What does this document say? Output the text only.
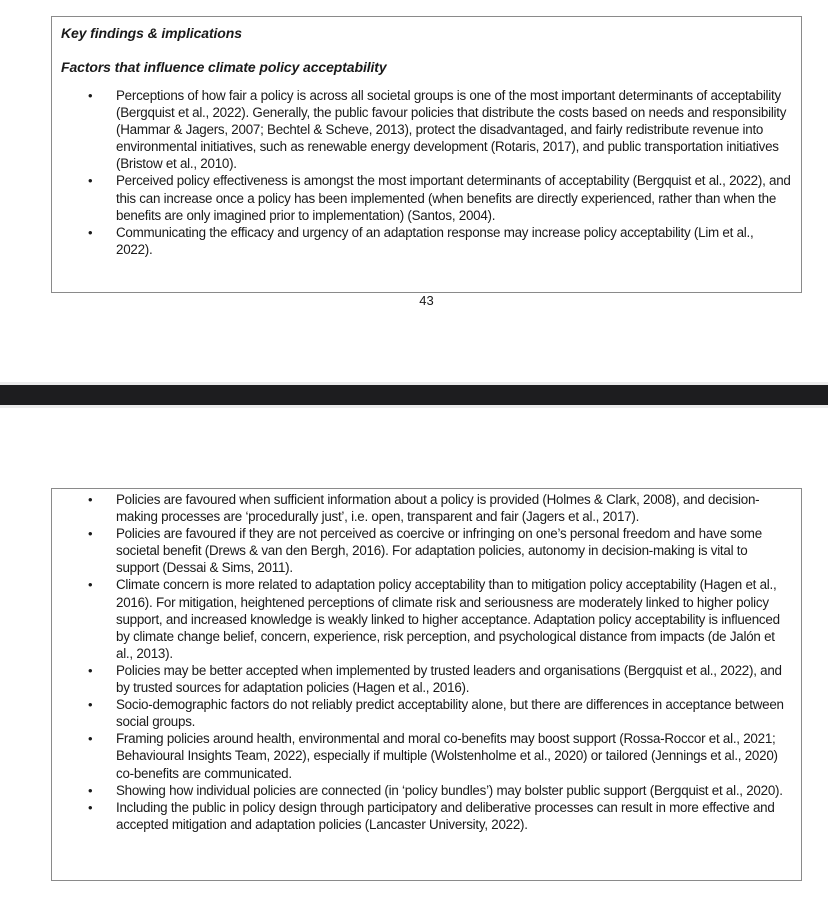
Key findings & implications
Factors that influence climate policy acceptability
• Perceptions of how fair a policy is across all societal groups is one of the most important determinants of acceptability (Bergquist et al., 2022). Generally, the public favour policies that distribute the costs based on needs and responsibility (Hammar & Jagers, 2007; Bechtel & Scheve, 2013), protect the disadvantaged, and fairly redistribute revenue into environmental initiatives, such as renewable energy development (Rotaris, 2017), and public transportation initiatives (Bristow et al., 2010).
• Perceived policy effectiveness is amongst the most important determinants of acceptability (Bergquist et al., 2022), and this can increase once a policy has been implemented (when benefits are directly experienced, rather than when the benefits are only imagined prior to implementation) (Santos, 2004).
• Communicating the efficacy and urgency of an adaptation response may increase policy acceptability (Lim et al., 2022).
43
• Policies are favoured when sufficient information about a policy is provided (Holmes & Clark, 2008), and decision-making processes are ‘procedurally just’, i.e. open, transparent and fair (Jagers et al., 2017).
• Policies are favoured if they are not perceived as coercive or infringing on one’s personal freedom and have some societal benefit (Drews & van den Bergh, 2016). For adaptation policies, autonomy in decision-making is vital to support (Dessai & Sims, 2011).
• Climate concern is more related to adaptation policy acceptability than to mitigation policy acceptability (Hagen et al., 2016). For mitigation, heightened perceptions of climate risk and seriousness are moderately linked to higher policy support, and increased knowledge is weakly linked to higher acceptance. Adaptation policy acceptability is influenced by climate change belief, concern, experience, risk perception, and psychological distance from impacts (de Jalón et al., 2013).
• Policies may be better accepted when implemented by trusted leaders and organisations (Bergquist et al., 2022), and by trusted sources for adaptation policies (Hagen et al., 2016).
• Socio-demographic factors do not reliably predict acceptability alone, but there are differences in acceptance between social groups.
• Framing policies around health, environmental and moral co-benefits may boost support (Rossa-Roccor et al., 2021; Behavioural Insights Team, 2022), especially if multiple (Wolstenholme et al., 2020) or tailored (Jennings et al., 2020) co-benefits are communicated.
• Showing how individual policies are connected (in ‘policy bundles’) may bolster public support (Bergquist et al., 2020).
• Including the public in policy design through participatory and deliberative processes can result in more effective and accepted mitigation and adaptation policies (Lancaster University, 2022).
